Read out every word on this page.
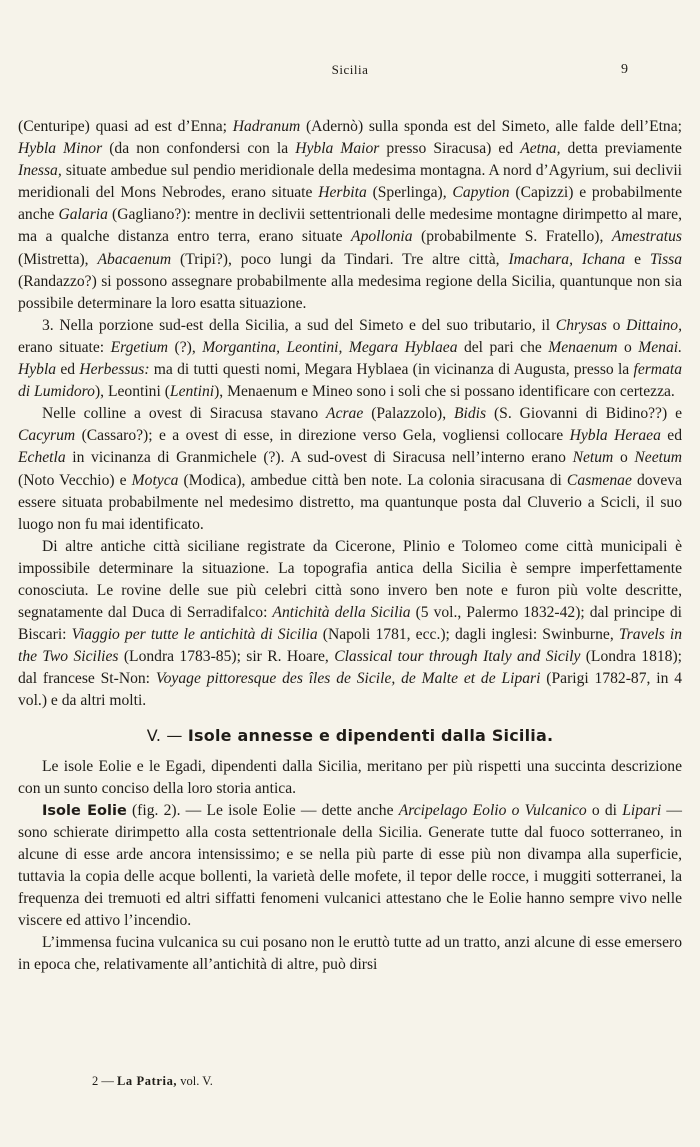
Sicilia	9

(Centuripe) quasi ad est d’Enna; Hadranum (Adernò) sulla sponda est del Simeto, alle falde dell’Etna; Hybla Minor (da non confondersi con la Hybla Maior presso Siracusa) ed Aetna, detta previamente Inessa, situate ambedue sul pendio meridionale della medesima montagna. A nord d’Agyrium, sui declivii meridionali del Mons Nebrodes, erano situate Herbita (Sperlinga), Capytion (Capizzi) e probabilmente anche Galaria (Gagliano?): mentre in declivii settentrionali delle medesime montagne dirimpetto al mare, ma a qualche distanza entro terra, erano situate Apollonia (probabilmente S. Fratello), Amestratus (Mistretta), Abacaenum (Tripi?), poco lungi da Tindari. Tre altre città, Imachara, Ichana e Tissa (Randazzo?) si possono assegnare probabilmente alla medesima regione della Sicilia, quantunque non sia possibile determinare la loro esatta situazione.

3. Nella porzione sud-est della Sicilia, a sud del Simeto e del suo tributario, il Chrysas o Dittaino, erano situate: Ergetium (?), Morgantina, Leontini, Megara Hyblaea del pari che Menaenum o Menai. Hybla ed Herbessus: ma di tutti questi nomi, Megara Hyblaea (in vicinanza di Augusta, presso la fermata di Lumidoro), Leontini (Lentini), Menaenum e Mineo sono i soli che si possano identificare con certezza.

Nelle colline a ovest di Siracusa stavano Acrae (Palazzolo), Bidis (S. Giovanni di Bidino??) e Cacyrum (Cassaro?); e a ovest di esse, in direzione verso Gela, vogliensi collocare Hybla Heraea ed Echetla in vicinanza di Granmichele (?). A sud-ovest di Siracusa nell’interno erano Netum o Neetum (Noto Vecchio) e Motyca (Modica), ambedue città ben note. La colonia siracusana di Casmenae doveva essere situata probabilmente nel medesimo distretto, ma quantunque posta dal Cluverio a Scicli, il suo luogo non fu mai identificato.

Di altre antiche città siciliane registrate da Cicerone, Plinio e Tolomeo come città municipali è impossibile determinare la situazione. La topografia antica della Sicilia è sempre imperfettamente conosciuta. Le rovine delle sue più celebri città sono invero ben note e furon più volte descritte, segnatamente dal Duca di Serradifalco: Antichità della Sicilia (5 vol., Palermo 1832-42); dal principe di Biscari: Viaggio per tutte le antichità di Sicilia (Napoli 1781, ecc.); dagli inglesi: Swinburne, Travels in the Two Sicilies (Londra 1783-85); sir R. Hoare, Classical tour through Italy and Sicily (Londra 1818); dal francese St-Non: Voyage pittoresque des îles de Sicile, de Malte et de Lipari (Parigi 1782-87, in 4 vol.) e da altri molti.

V. — Isole annesse e dipendenti dalla Sicilia.

Le isole Eolie e le Egadi, dipendenti dalla Sicilia, meritano per più rispetti una succinta descrizione con un sunto conciso della loro storia antica.

Isole Eolie (fig. 2). — Le isole Eolie — dette anche Arcipelago Eolio o Vulcanico o di Lipari — sono schierate dirimpetto alla costa settentrionale della Sicilia. Generate tutte dal fuoco sotterraneo, in alcune di esse arde ancora intensissimo; e se nella più parte di esse più non divampa alla superficie, tuttavia la copia delle acque bollenti, la varietà delle mofete, il tepor delle rocce, i muggiti sotterranei, la frequenza dei tremuoti ed altri siffatti fenomeni vulcanici attestano che le Eolie hanno sempre vivo nelle viscere ed attivo l’incendio.

L’immensa fucina vulcanica su cui posano non le eruttò tutte ad un tratto, anzi alcune di esse emersero in epoca che, relativamente all’antichità di altre, può dirsi

2 — La Patria, vol. V.
